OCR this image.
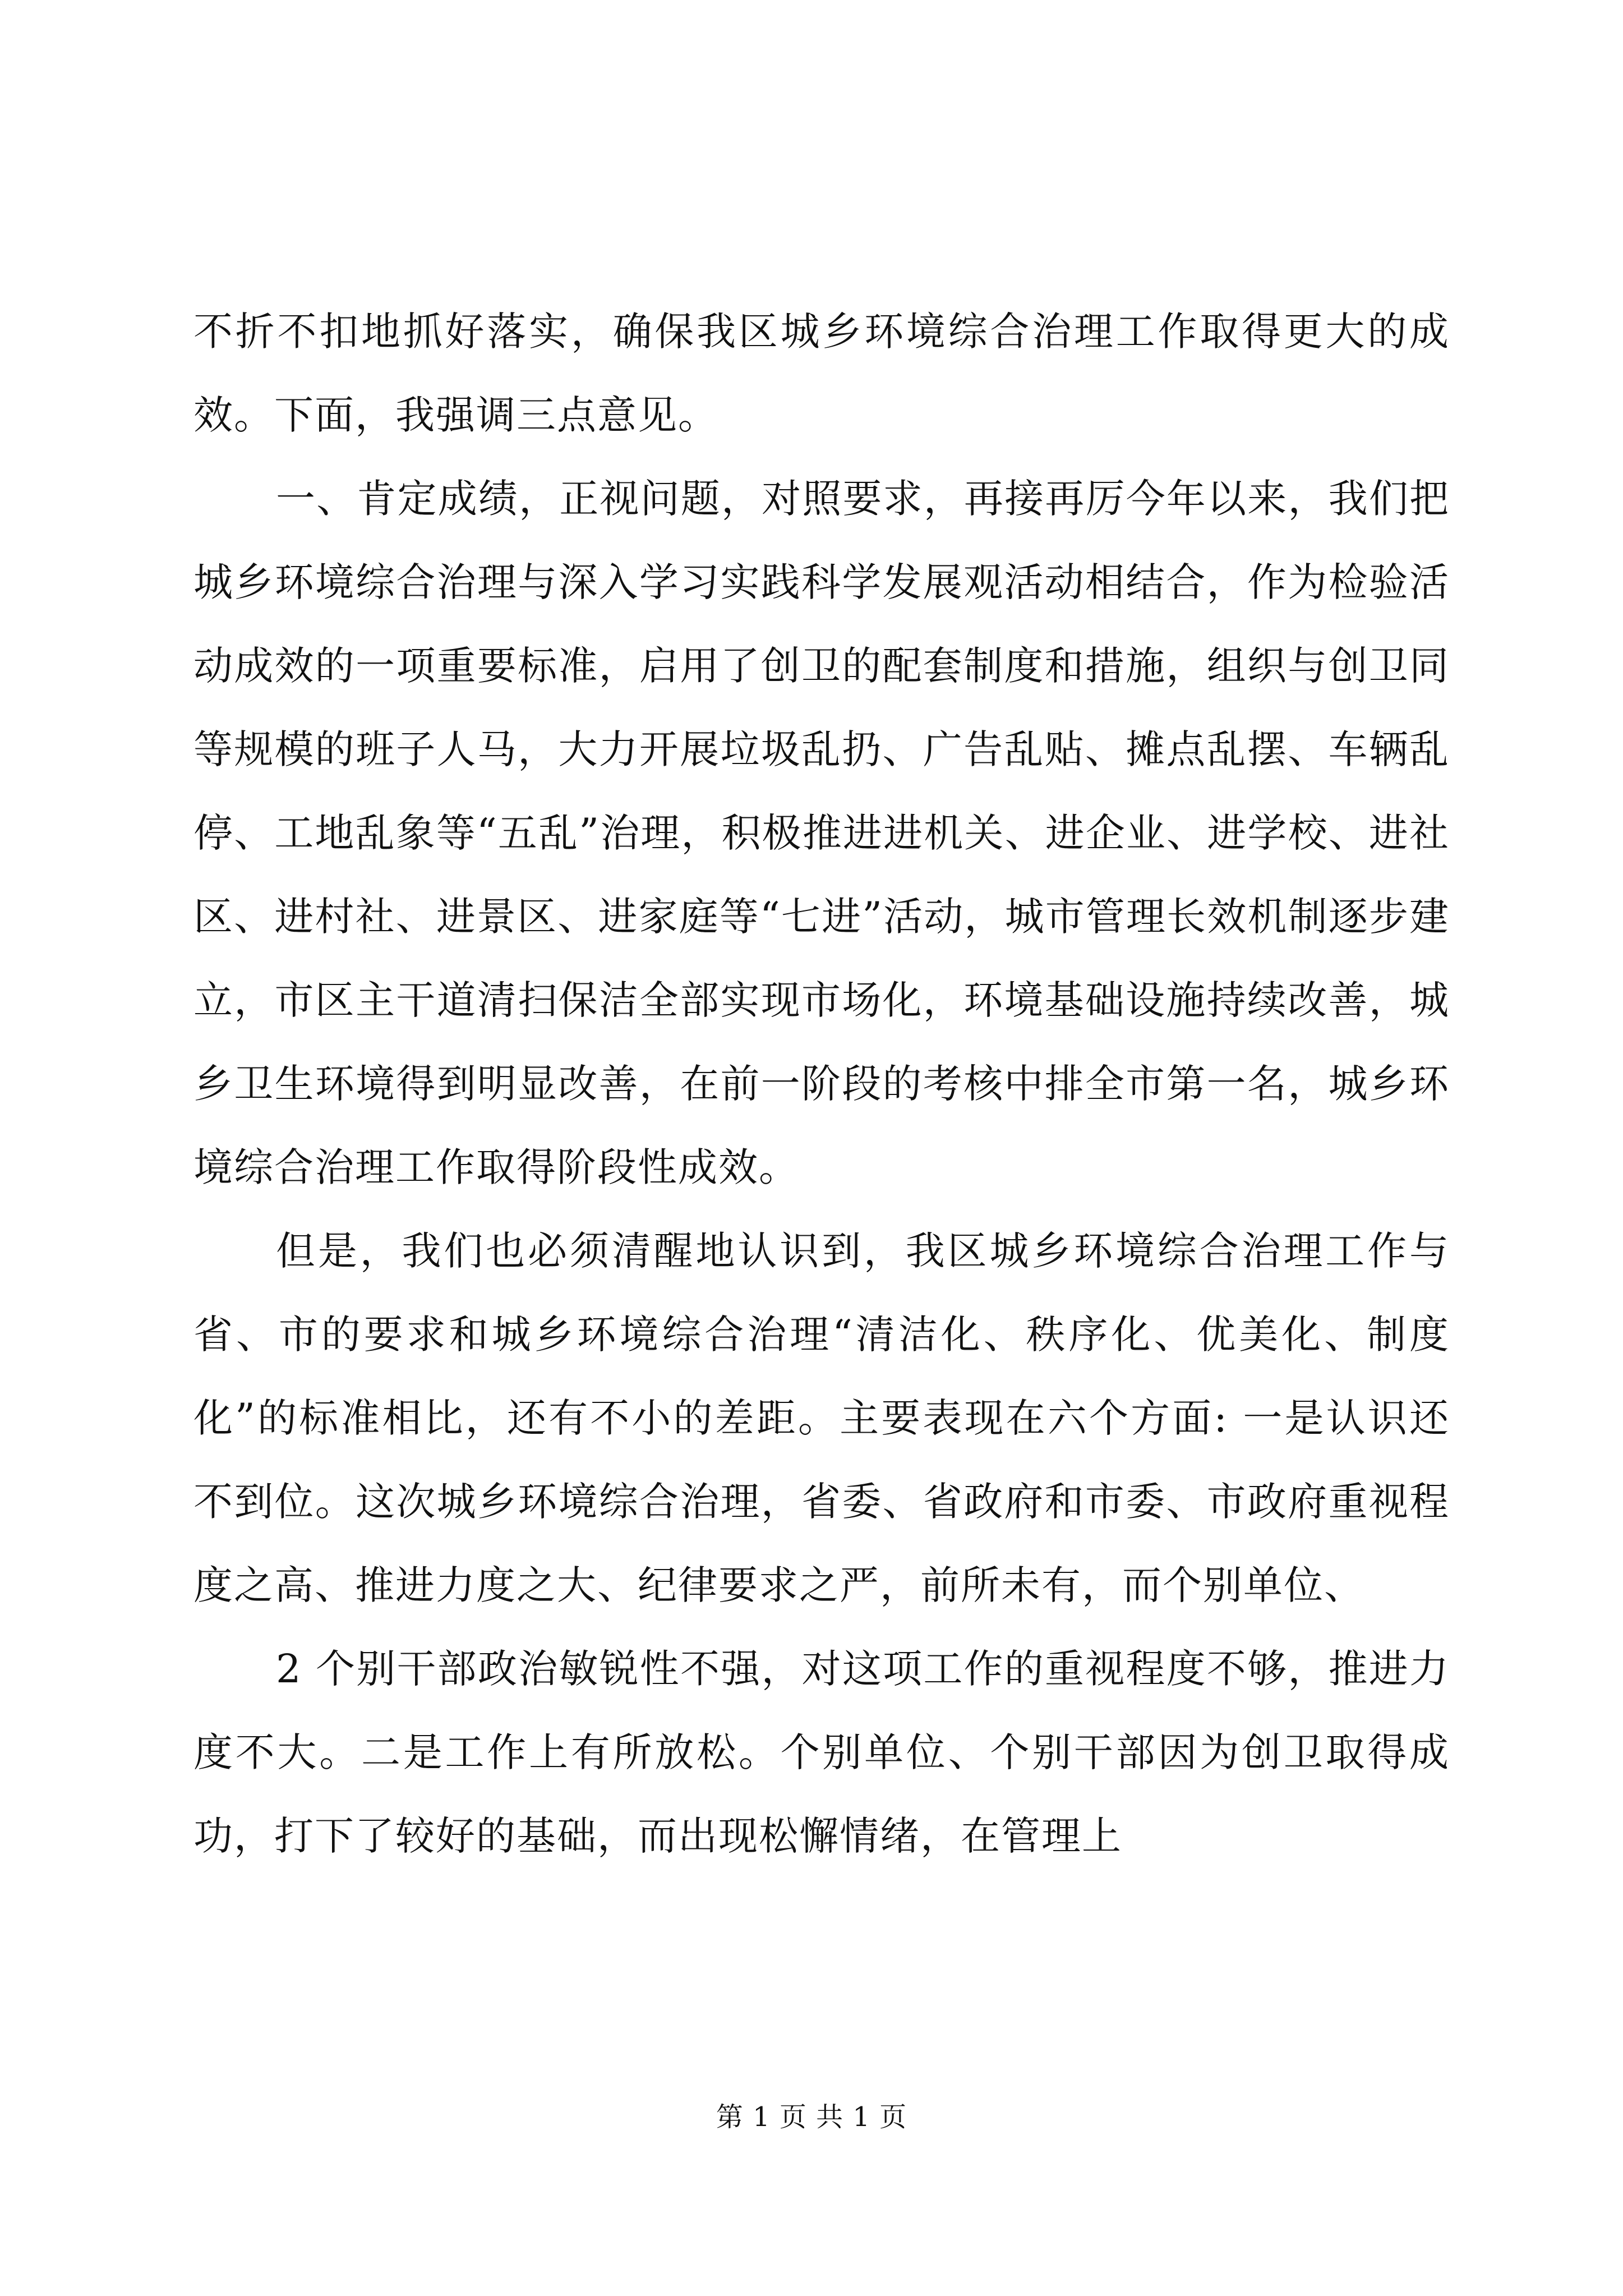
不折不扣地抓好落实，确保我区城乡环境综合治理工作取得更大的成效。下面，我强调三点意见。

一、肯定成绩，正视问题，对照要求，再接再厉今年以来，我们把城乡环境综合治理与深入学习实践科学发展观活动相结合，作为检验活动成效的一项重要标准，启用了创卫的配套制度和措施，组织与创卫同等规模的班子人马，大力开展垃圾乱扔、广告乱贴、摊点乱摆、车辆乱停、工地乱象等“五乱”治理，积极推进进机关、进企业、进学校、进社区、进村社、进景区、进家庭等“七进”活动，城市管理长效机制逐步建立，市区主干道清扫保洁全部实现市场化，环境基础设施持续改善，城乡卫生环境得到明显改善，在前一阶段的考核中排全市第一名，城乡环境综合治理工作取得阶段性成效。

但是，我们也必须清醒地认识到，我区城乡环境综合治理工作与省、市的要求和城乡环境综合治理“清洁化、秩序化、优美化、制度化”的标准相比，还有不小的差距。主要表现在六个方面: 一是认识还不到位。这次城乡环境综合治理，省委、省政府和市委、市政府重视程度之高、推进力度之大、纪律要求之严，前所未有，而个别单位、

2 个别干部政治敏锐性不强，对这项工作的重视程度不够，推进力度不大。二是工作上有所放松。个别单位、个别干部因为创卫取得成功，打下了较好的基础，而出现松懈情绪，在管理上

第 1 页 共 1 页
